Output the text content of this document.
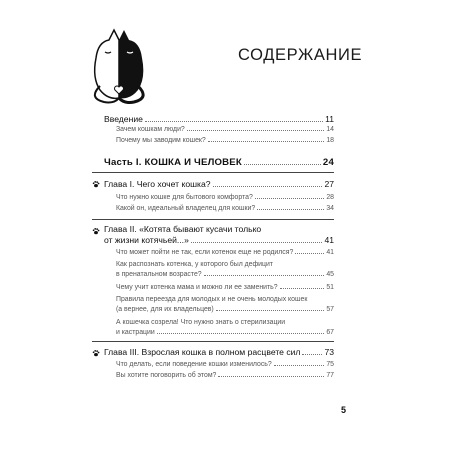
СОДЕРЖАНИЕ
Введение	11
Зачем кошкам люди?	14
Почему мы заводим кошек?	18
Часть I. КОШКА И ЧЕЛОВЕК	24
Глава I. Чего хочет кошка?	27
Что нужно кошке для бытового комфорта?	28
Какой он, идеальный владелец для кошки?	34
Глава II. «Котята бывают кусачи только
от жизни котячьей...»	41
Что может пойти не так, если котенок еще не родился?	41
Как распознать котенка, у которого был дефицит
в пренатальном возрасте?	45
Чему учит котенка мама и можно ли ее заменить?	51
Правила переезда для молодых и не очень молодых кошек
(а вернее, для их владельцев)	57
А кошечка созрела! Что нужно знать о стерилизации
и кастрации	67
Глава III. Взрослая кошка в полном расцвете сил	73
Что делать, если поведение кошки изменилось?	75
Вы хотите поговорить об этом?	77
5
